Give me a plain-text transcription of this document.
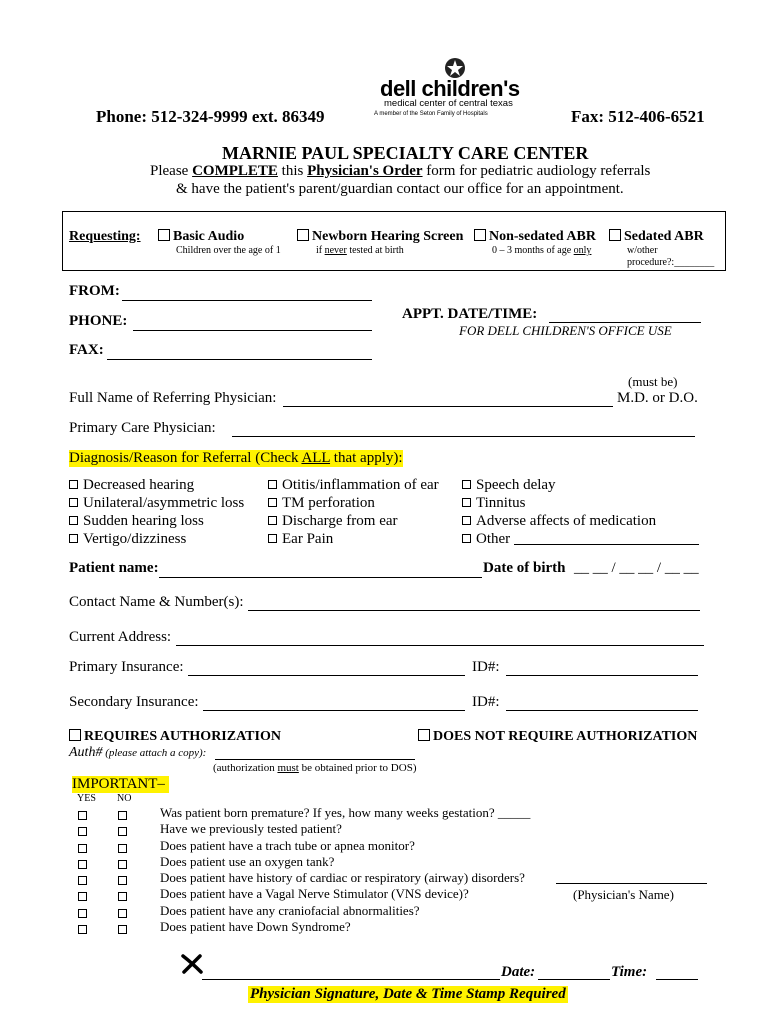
dell children's
medical center of central texas
A member of the Seton Family of Hospitals
Phone: 512-324-9999 ext. 86349	Fax: 512-406-6521
MARNIE PAUL SPECIALTY CARE CENTER
Please COMPLETE this Physician's Order form for pediatric audiology referrals
& have the patient's parent/guardian contact our office for an appointment.
Requesting:	Basic Audio
Children over the age of 1
Newborn Hearing Screen
if never tested at birth
Non-sedated ABR
0 – 3 months of age only
Sedated ABR
w/other
procedure?:________
FROM:
APPT. DATE/TIME:
FOR DELL CHILDREN'S OFFICE USE
PHONE:
FAX:
(must be)
Full Name of Referring Physician:	M.D. or D.O.
Primary Care Physician:
Diagnosis/Reason for Referral (Check ALL that apply):
Decreased hearing
Unilateral/asymmetric loss
Sudden hearing loss
Vertigo/dizziness
Otitis/inflammation of ear
TM perforation
Discharge from ear
Ear Pain
Speech delay
Tinnitus
Adverse affects of medication
Other
Patient name:	Date of birth __ __ / __ __ / __ __
Contact Name & Number(s):
Current Address:
Primary Insurance:	ID#:
Secondary Insurance:	ID#:
REQUIRES AUTHORIZATION	DOES NOT REQUIRE AUTHORIZATION
Auth# (please attach a copy):
(authorization must be obtained prior to DOS)
IMPORTANT–
YES NO
Was patient born premature? If yes, how many weeks gestation? _____
Have we previously tested patient?
Does patient have a trach tube or apnea monitor?
Does patient use an oxygen tank?
Does patient have history of cardiac or respiratory (airway) disorders?
Does patient have a Vagal Nerve Stimulator (VNS device)?
Does patient have any craniofacial abnormalities?
Does patient have Down Syndrome?
(Physician's Name)
Date:	Time:
Physician Signature, Date & Time Stamp Required
